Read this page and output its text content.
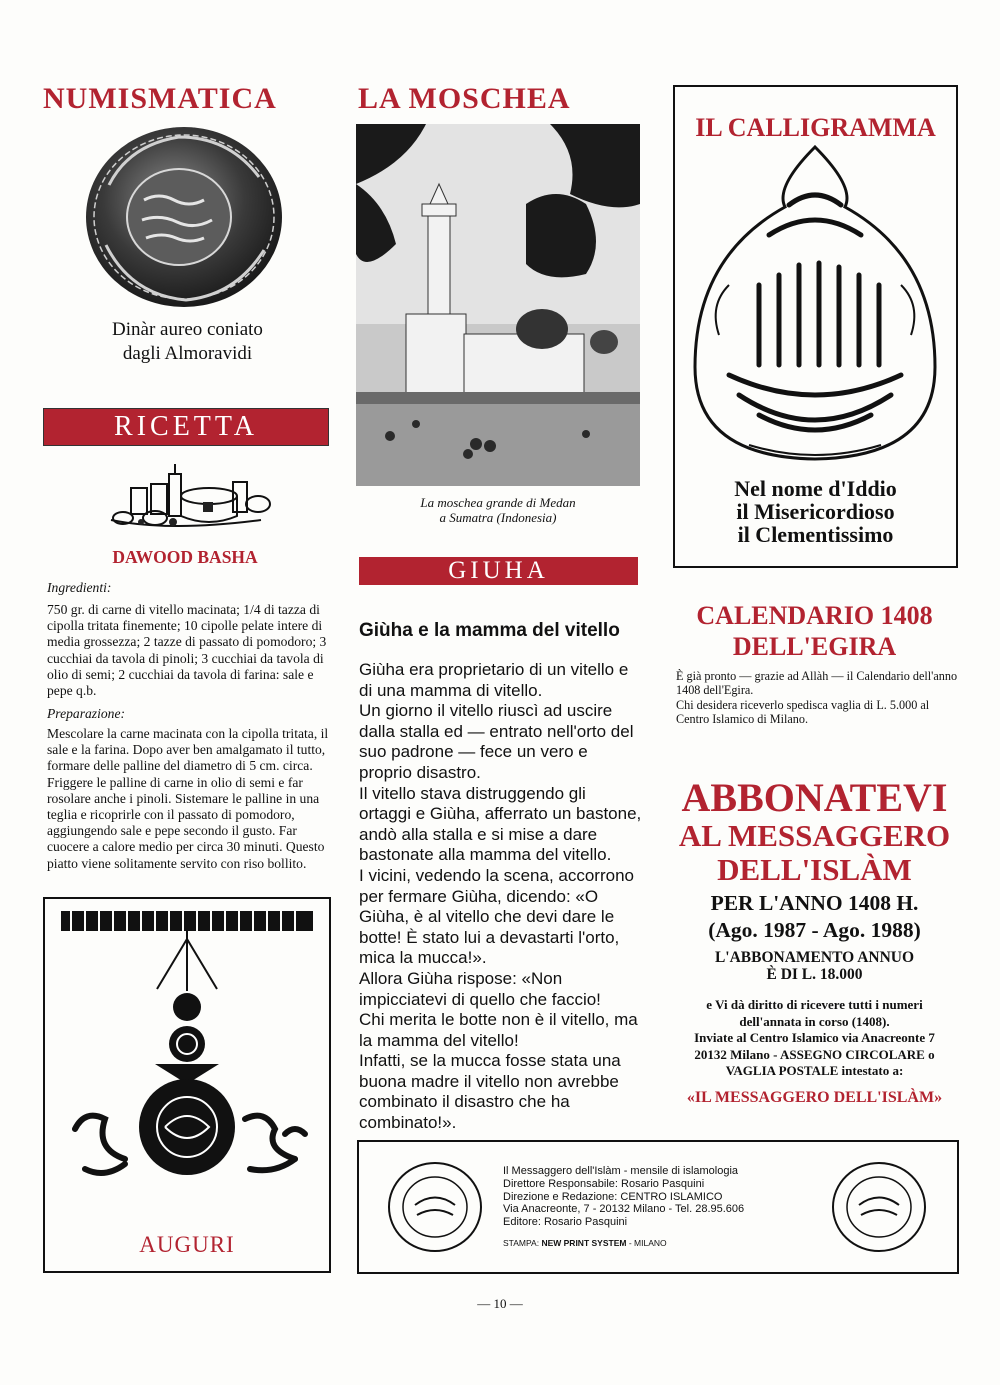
NUMISMATICA
Dinàr aureo coniato
dagli Almoravidi
RICETTA
DAWOOD BASHA
Ingredienti:
750 gr. di carne di vitello macinata; 1/4 di tazza di cipolla tritata finemente; 10 cipolle pelate intere di media grossezza; 2 tazze di passato di pomodoro; 3 cucchiai da tavola di pinoli; 3 cucchiai da tavola di olio di semi; 2 cucchiai da tavola di farina: sale e pepe q.b.
Preparazione:
Mescolare la carne macinata con la cipolla tritata, il sale e la farina. Dopo aver ben amalgamato il tutto, formare delle palline del diametro di 5 cm. circa. Friggere le palline di carne in olio di semi e far rosolare anche i pinoli. Sistemare le palline in una teglia e ricoprirle con il passato di pomodoro, aggiungendo sale e pepe secondo il gusto. Far cuocere a calore medio per circa 30 minuti. Questo piatto viene solitamente servito con riso bollito.
AUGURI
LA MOSCHEA
La moschea grande di Medan
a Sumatra (Indonesia)
GIUHA
Giùha e la mamma del vitello

Giùha era proprietario di un vitello e di una mamma di vitello.

Un giorno il vitello riuscì ad uscire dalla stalla ed — entrato nell'orto del suo padrone — fece un vero e proprio disastro.

Il vitello stava distruggendo gli ortaggi e Giùha, afferrato un bastone, andò alla stalla e si mise a dare bastonate alla mamma del vitello.

I vicini, vedendo la scena, accorrono per fermare Giùha, dicendo: «O Giùha, è al vitello che devi dare le botte! È stato lui a devastarti l'orto, mica la mucca!».

Allora Giùha rispose: «Non impicciatevi di quello che faccio!

Chi merita le botte non è il vitello, ma la mamma del vitello!

Infatti, se la mucca fosse stata una buona madre il vitello non avrebbe combinato il disastro che ha combinato!».

IL CALLIGRAMMA
Nel nome d'Iddio
il Misericordioso
il Clementissimo
CALENDARIO 1408
DELL'EGIRA
È già pronto — grazie ad Allàh — il Calendario dell'anno 1408 dell'Egira.
Chi desidera riceverlo spedisca vaglia di L. 5.000 al Centro Islamico di Milano.
ABBONATEVI
AL MESSAGGERO
DELL'ISLÀM
PER L'ANNO 1408 H.
(Ago. 1987 - Ago. 1988)
L'ABBONAMENTO ANNUO
È DI L. 18.000
e Vi dà diritto di ricevere tutti i numeri
dell'annata in corso (1408).
Inviate al Centro Islamico via Anacreonte 7
20132 Milano - ASSEGNO CIRCOLARE o
VAGLIA POSTALE intestato a:
«IL MESSAGGERO DELL'ISLÀM»
Il Messaggero dell'Islàm - mensile di islamologia
Direttore Responsabile: Rosario Pasquini
Direzione e Redazione: CENTRO ISLAMICO
Via Anacreonte, 7 - 20132 Milano - Tel. 28.95.606
Editore: Rosario Pasquini
STAMPA: NEW PRINT SYSTEM - MILANO
— 10 —
